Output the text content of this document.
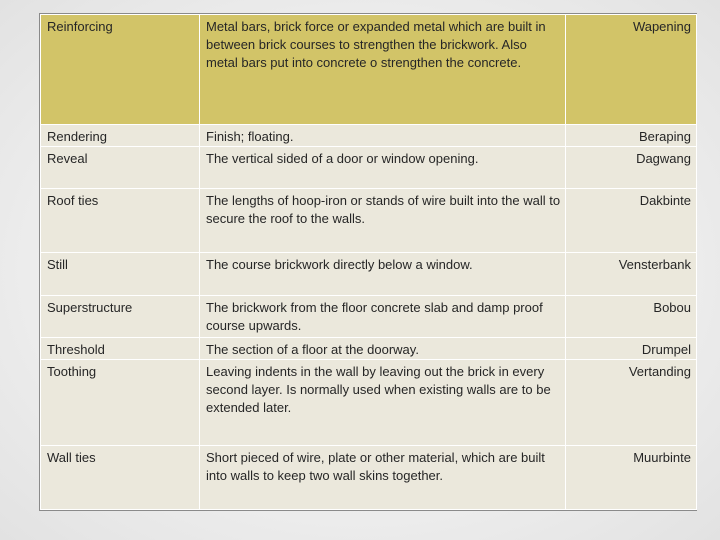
Reinforcing	Metal bars, brick force or expanded metal which are built in between brick courses to strengthen the brickwork. Also metal bars put into concrete o strengthen the concrete.	Wapening
Rendering	Finish; floating.	Beraping
Reveal	The vertical sided of a door or window opening.	Dagwang
Roof ties	The lengths of hoop-iron or stands of wire built into the wall to secure the roof to the walls.	Dakbinte
Still	The course brickwork directly below a window.	Vensterbank
Superstructure	The brickwork from the floor concrete slab and damp proof course upwards.	Bobou
Threshold	The section of a floor at the doorway.	Drumpel
Toothing	Leaving indents in the wall by leaving out the brick in every second layer. Is normally used when existing walls are to be extended later.	Vertanding
Wall ties	Short pieced of wire, plate or other material, which are built into walls to keep two wall skins together.	Muurbinte
